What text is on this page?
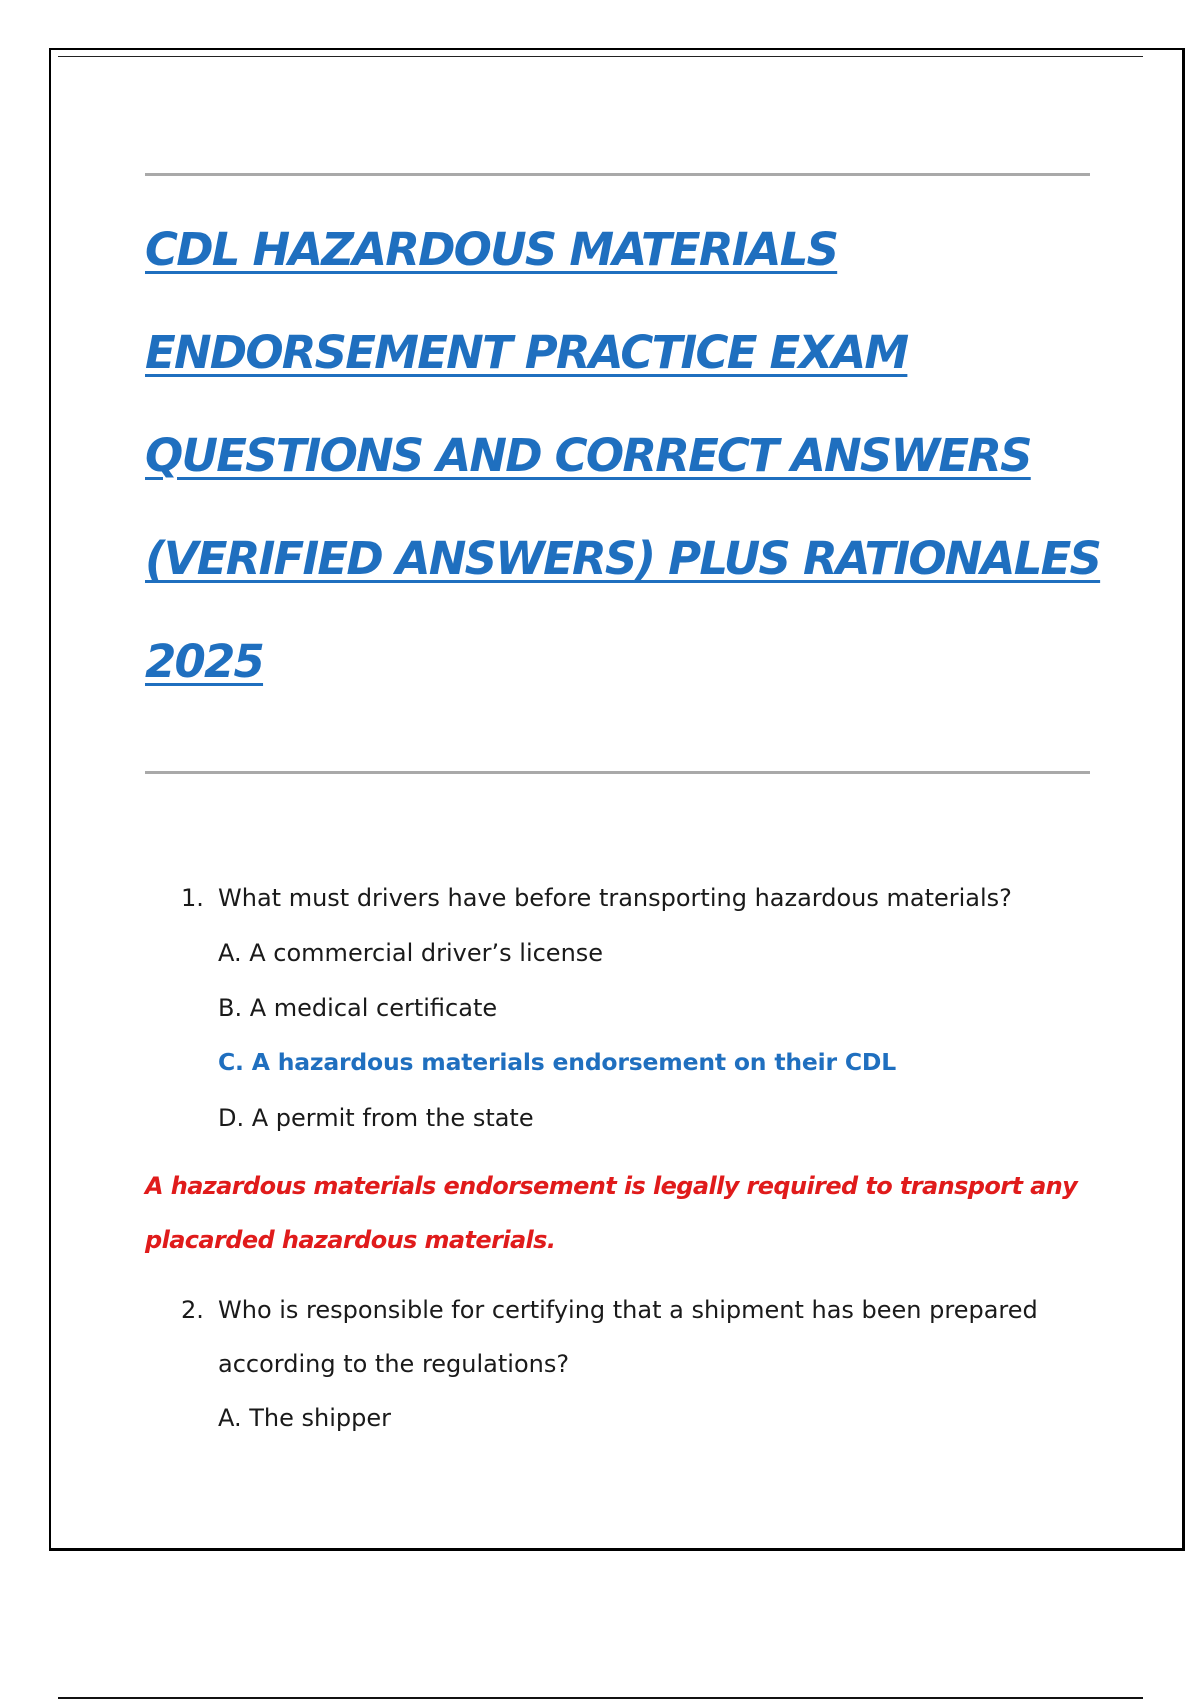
CDL HAZARDOUS MATERIALS
ENDORSEMENT PRACTICE EXAM
QUESTIONS AND CORRECT ANSWERS
(VERIFIED ANSWERS) PLUS RATIONALES
2025
1. What must drivers have before transporting hazardous materials?
A. A commercial driver’s license
B. A medical certificate
C. A hazardous materials endorsement on their CDL
D. A permit from the state
A hazardous materials endorsement is legally required to transport any
placarded hazardous materials.
2. Who is responsible for certifying that a shipment has been prepared
according to the regulations?
A. The shipper
